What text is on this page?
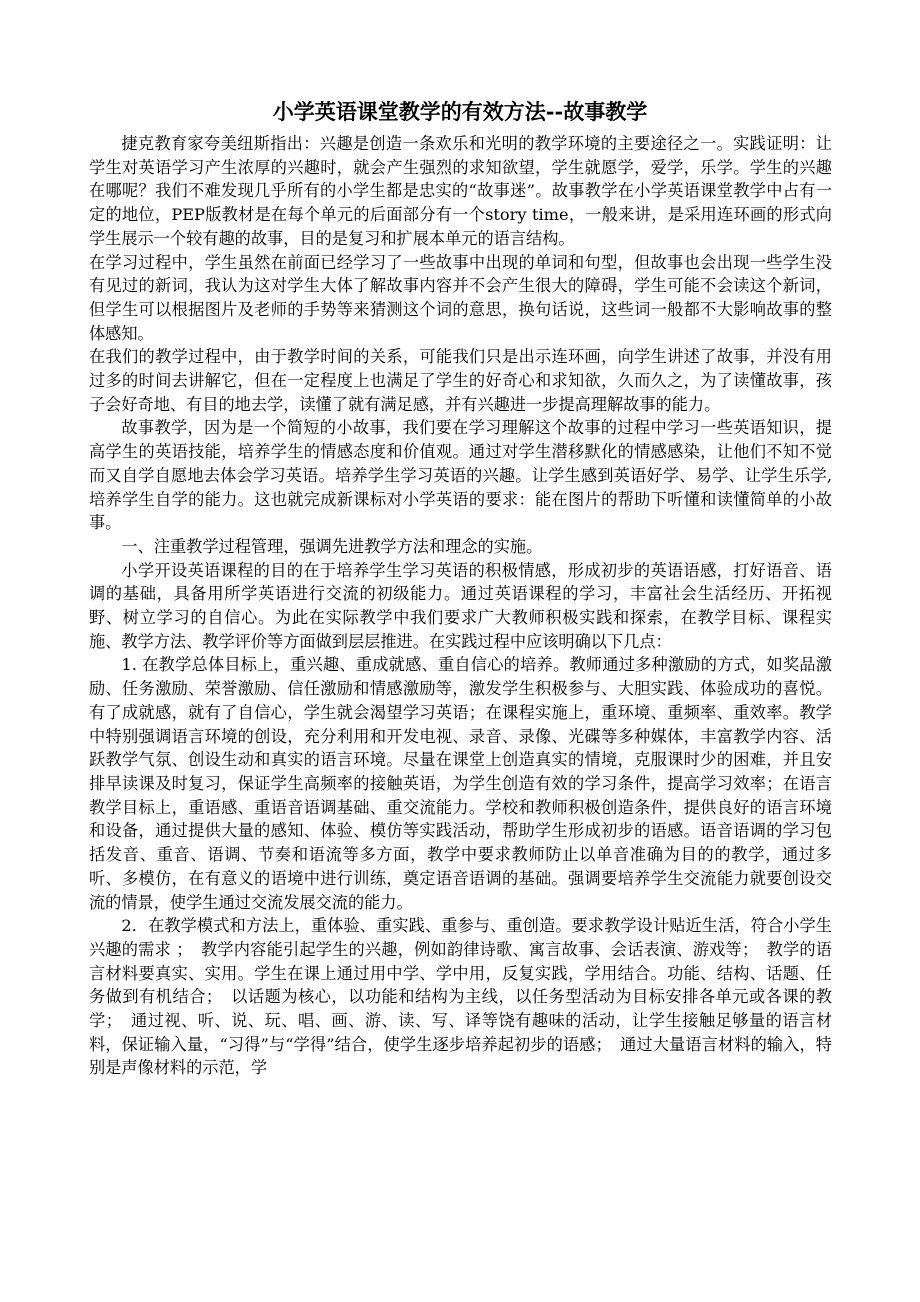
小学英语课堂教学的有效方法--故事教学

捷克教育家夸美纽斯指出：兴趣是创造一条欢乐和光明的教学环境的主要途径之一。实践证明：让学生对英语学习产生浓厚的兴趣时，就会产生强烈的求知欲望，学生就愿学，爱学，乐学。学生的兴趣在哪呢？我们不难发现几乎所有的小学生都是忠实的“故事迷”。故事教学在小学英语课堂教学中占有一定的地位，PEP版教材是在每个单元的后面部分有一个story time，一般来讲，是采用连环画的形式向学生展示一个较有趣的故事，目的是复习和扩展本单元的语言结构。

在学习过程中，学生虽然在前面已经学习了一些故事中出现的单词和句型，但故事也会出现一些学生没有见过的新词，我认为这对学生大体了解故事内容并不会产生很大的障碍，学生可能不会读这个新词，但学生可以根据图片及老师的手势等来猜测这个词的意思，换句话说，这些词一般都不大影响故事的整体感知。

在我们的教学过程中，由于教学时间的关系，可能我们只是出示连环画，向学生讲述了故事，并没有用过多的时间去讲解它，但在一定程度上也满足了学生的好奇心和求知欲，久而久之，为了读懂故事，孩子会好奇地、有目的地去学，读懂了就有满足感，并有兴趣进一步提高理解故事的能力。

故事教学，因为是一个简短的小故事，我们要在学习理解这个故事的过程中学习一些英语知识，提高学生的英语技能，培养学生的情感态度和价值观。通过对学生潜移默化的情感感染，让他们不知不觉而又自学自愿地去体会学习英语。培养学生学习英语的兴趣。让学生感到英语好学、易学、让学生乐学,培养学生自学的能力。这也就完成新课标对小学英语的要求：能在图片的帮助下听懂和读懂简单的小故事。

一、注重教学过程管理，强调先进教学方法和理念的实施。

小学开设英语课程的目的在于培养学生学习英语的积极情感，形成初步的英语语感，打好语音、语调的基础，具备用所学英语进行交流的初级能力。通过英语课程的学习，丰富社会生活经历、开拓视野、树立学习的自信心。为此在实际教学中我们要求广大教师积极实践和探索，在教学目标、课程实施、教学方法、教学评价等方面做到层层推进。在实践过程中应该明确以下几点：

1. 在教学总体目标上，重兴趣、重成就感、重自信心的培养。教师通过多种激励的方式，如奖品激励、任务激励、荣誉激励、信任激励和情感激励等，激发学生积极参与、大胆实践、体验成功的喜悦。有了成就感，就有了自信心，学生就会渴望学习英语；在课程实施上，重环境、重频率、重效率。教学中特别强调语言环境的创设，充分利用和开发电视、录音、录像、光碟等多种媒体，丰富教学内容、活跃教学气氛、创设生动和真实的语言环境。尽量在课堂上创造真实的情境，克服课时少的困难，并且安排早读课及时复习，保证学生高频率的接触英语，为学生创造有效的学习条件，提高学习效率；在语言教学目标上，重语感、重语音语调基础、重交流能力。学校和教师积极创造条件，提供良好的语言环境和设备，通过提供大量的感知、体验、模仿等实践活动，帮助学生形成初步的语感。语音语调的学习包括发音、重音、语调、节奏和语流等多方面，教学中要求教师防止以单音准确为目的的教学，通过多听、多模仿，在有意义的语境中进行训练，奠定语音语调的基础。强调要培养学生交流能力就要创设交流的情景，使学生通过交流发展交流的能力。

2．在教学模式和方法上，重体验、重实践、重参与、重创造。要求教学设计贴近生活，符合小学生兴趣的需求 ；　教学内容能引起学生的兴趣，例如韵律诗歌、寓言故事、会话表演、游戏等；　教学的语言材料要真实、实用。学生在课上通过用中学、学中用，反复实践，学用结合。功能、结构、话题、任务做到有机结合；　以话题为核心，以功能和结构为主线，以任务型活动为目标安排各单元或各课的教学；　通过视、听、说、玩、唱、画、游、读、写、译等饶有趣味的活动，让学生接触足够量的语言材料，保证输入量，“习得”与“学得”结合，使学生逐步培养起初步的语感；　通过大量语言材料的输入，特别是声像材料的示范，学
